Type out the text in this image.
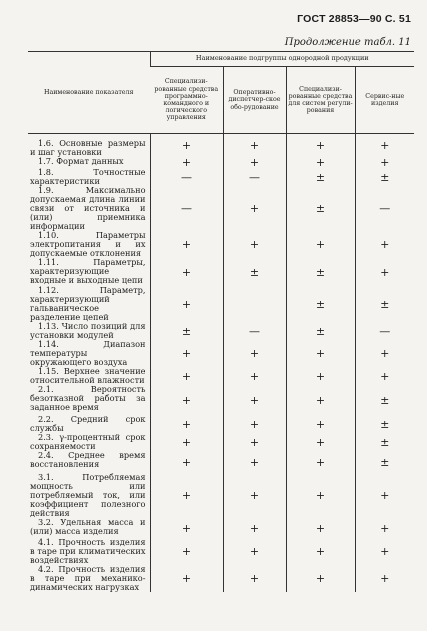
ГОСТ 28853—90 С. 51
Продолжение табл. 11
Наименование показателя	Наименование подгруппы однородной продукции			
	Специализи-рованные средства программно-командного и логического управления	Оперативно-диспетчер-ское обо-рудование	Специализи-рованные средства для систем регули-рования	Сервис-ные изделия

1.6. Основные размеры и шаг установки	+	+	+	+

1.7. Формат данных	+	+	+	+

1.8. Точностные характеристики	—	—	±	±

1.9. Максимально допускаемая длина линии связи от источника и (или) приемника информации	—	+	±	—

1.10. Параметры электропитания и их допускаемые отклонения	+	+	+	+

1.11. Параметры, характеризующие входные и выходные цепи	+	±	±	+

1.12. Параметр, характеризующий гальваническое разделение цепей	+		±	±

1.13. Число позиций для установки модулей	±	—	±	—

1.14. Диапазон температуры окружающего воздуха	+	+	+	+

1.15. Верхнее значение относительной влажности	+	+	+	+

2.1. Вероятность безотказной работы за заданное время	+	+	+	±

2.2. Средний срок службы	+	+	+	±

2.3. γ-процентный срок сохраняемости	+	+	+	±

2.4. Среднее время восстановления	+	+	+	±

3.1. Потребляемая мощность или потребляемый ток, или коэффициент полезного действия	+	+	+	+

3.2. Удельная масса и (или) масса изделия	+	+	+	+

4.1. Прочность изделия в таре при климатических воздействиях	+	+	+	+

4.2. Прочность изделия в таре при механико-динамических нагрузках	+	+	+	+
